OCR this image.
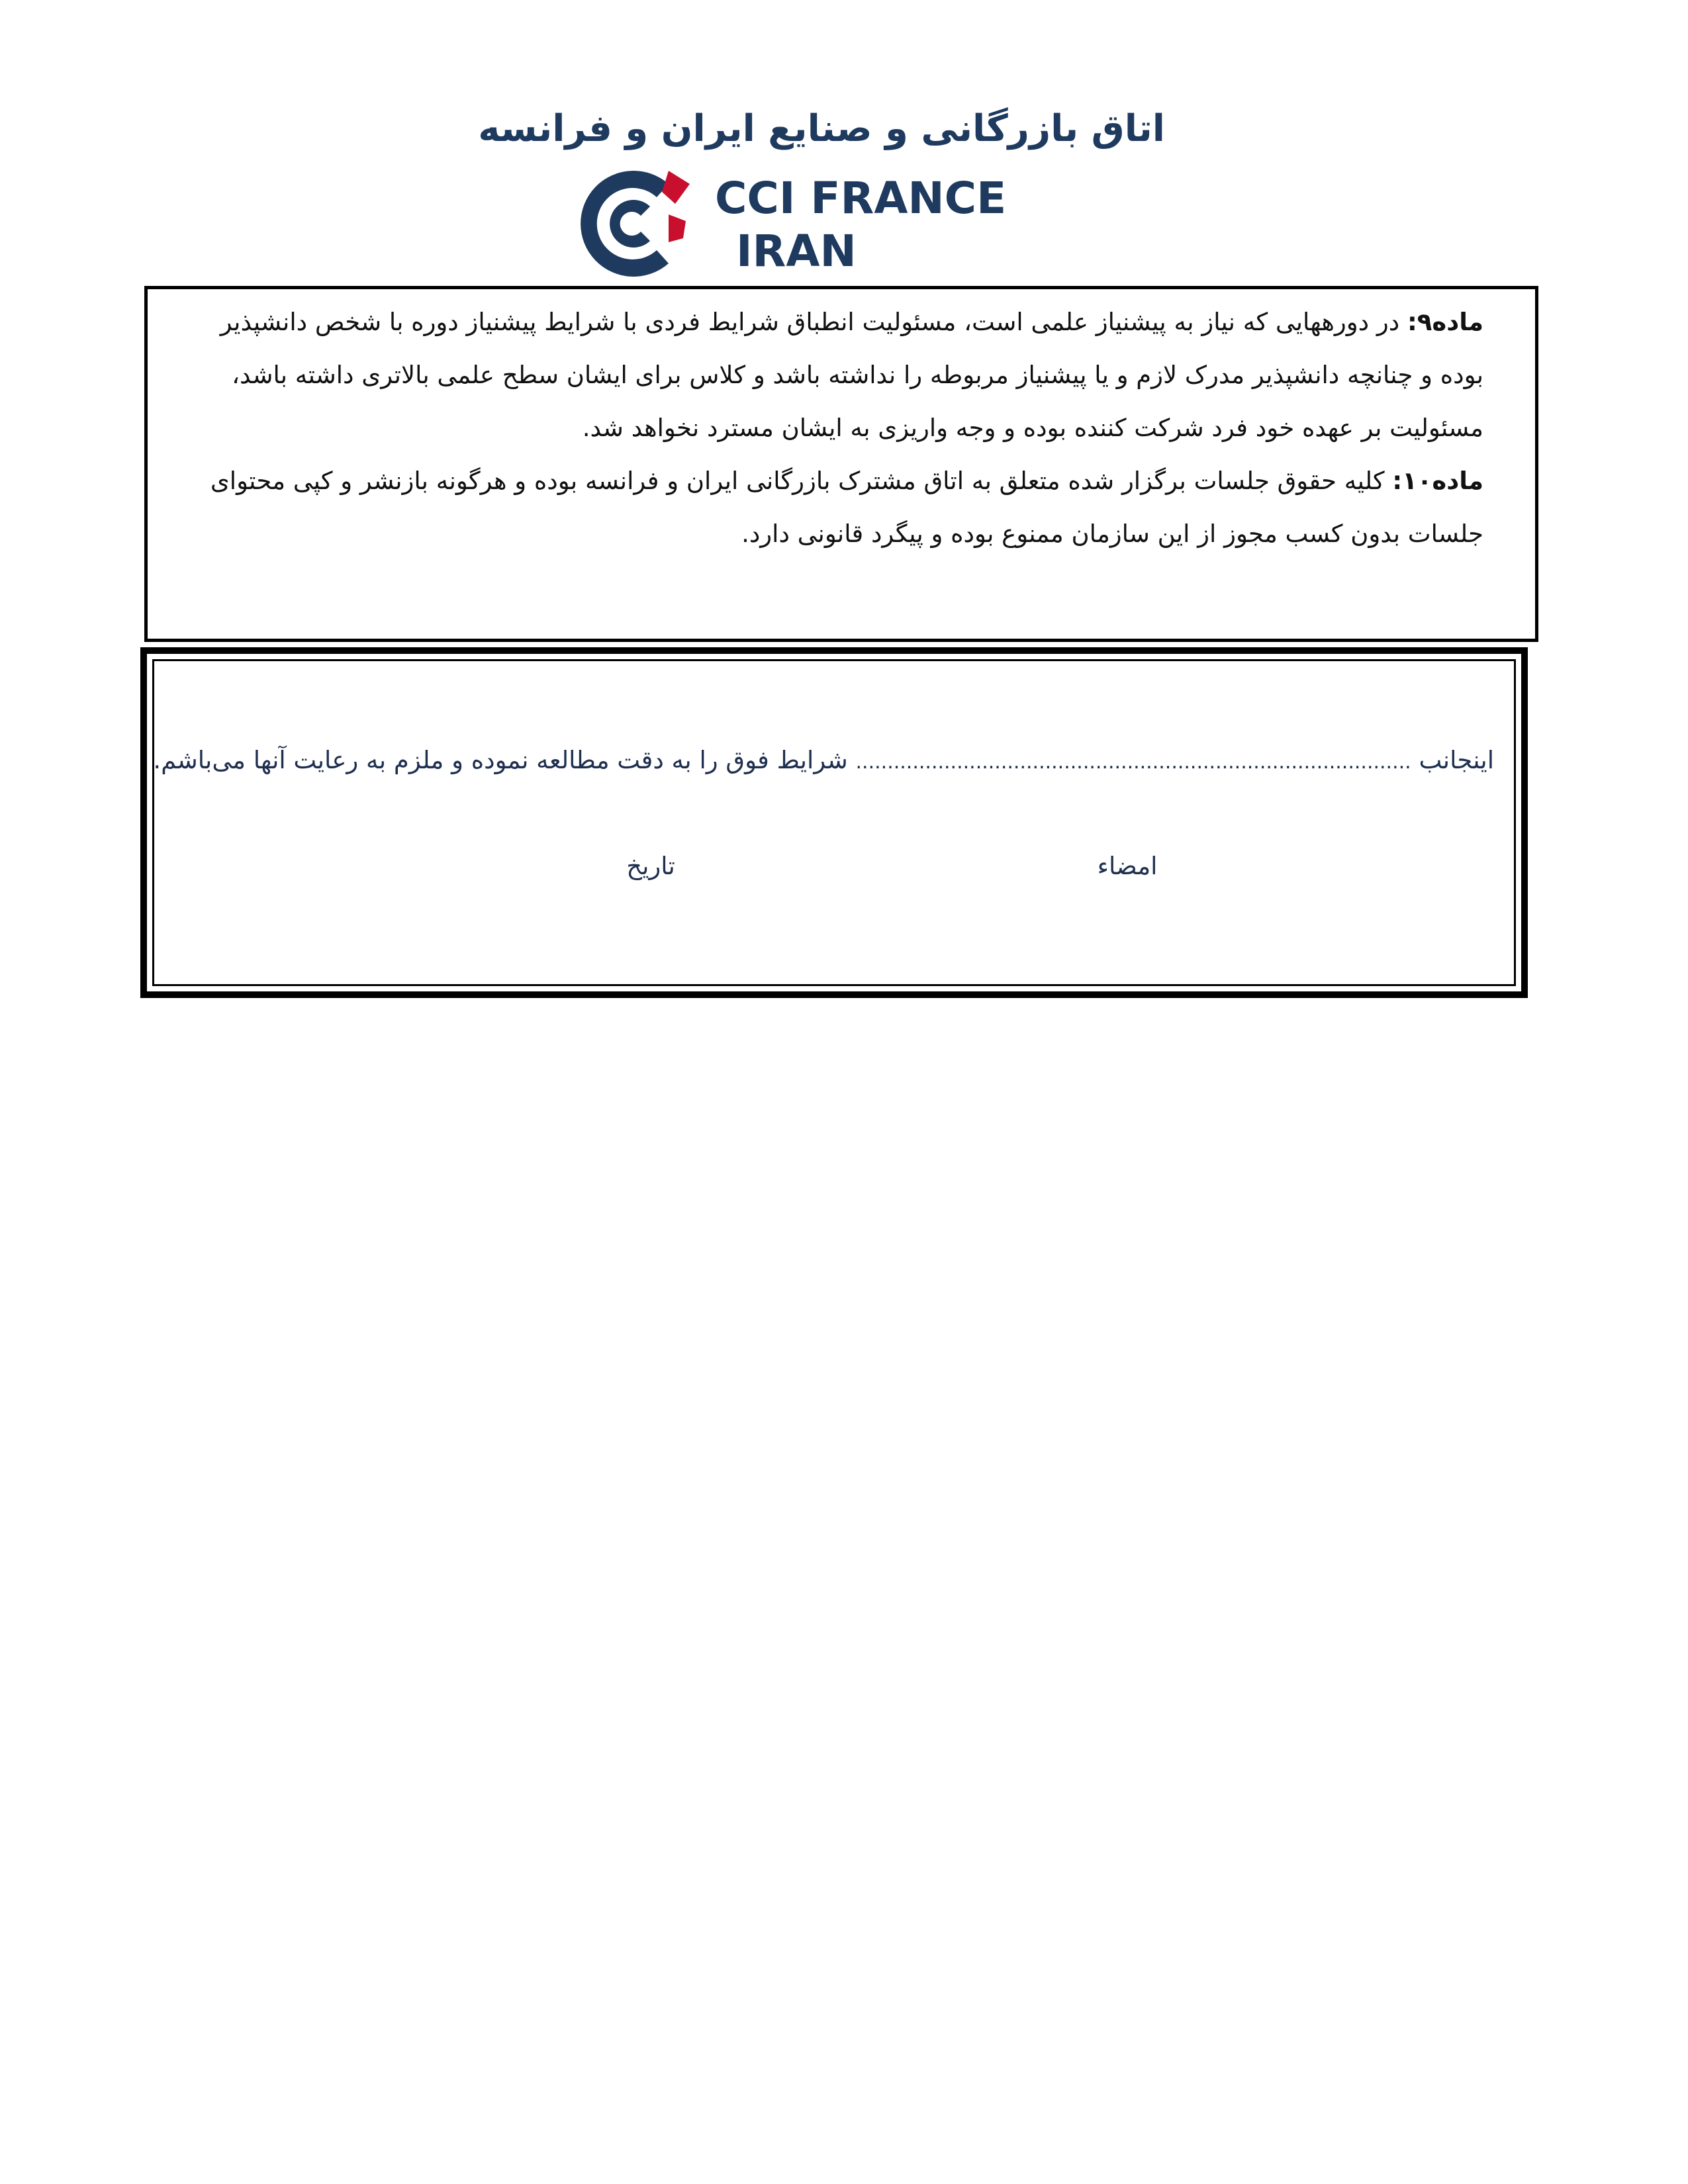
اتاق بازرگانی و صنایع ایران و فرانسه
CCI FRANCE
IRAN
ماده۹: در دورههایی که نیاز به پیشنیاز علمی است، مسئولیت انطباق شرایط فردی با شرایط پیشنیاز دوره با شخص دانشپذیر بوده و چنانچه دانشپذیر مدرک لازم و یا پیشنیاز مربوطه را نداشته باشد و کلاس برای ایشان سطح علمی بالاتری داشته باشد، مسئولیت بر عهده خود فرد شرکت کننده بوده و وجه واریزی به ایشان مسترد نخواهد شد.
ماده۱۰: کلیه حقوق جلسات برگزار شده متعلق به اتاق مشترک بازرگانی ایران و فرانسه بوده و هرگونه بازنشر و کپی محتوای جلسات بدون کسب مجوز از این سازمان ممنوع بوده و پیگرد قانونی دارد.
اینجانب ........................................................................................ شرایط فوق را به دقت مطالعه نموده و ملزم به رعایت آنها می‌باشم.
امضاء
تاریخ
